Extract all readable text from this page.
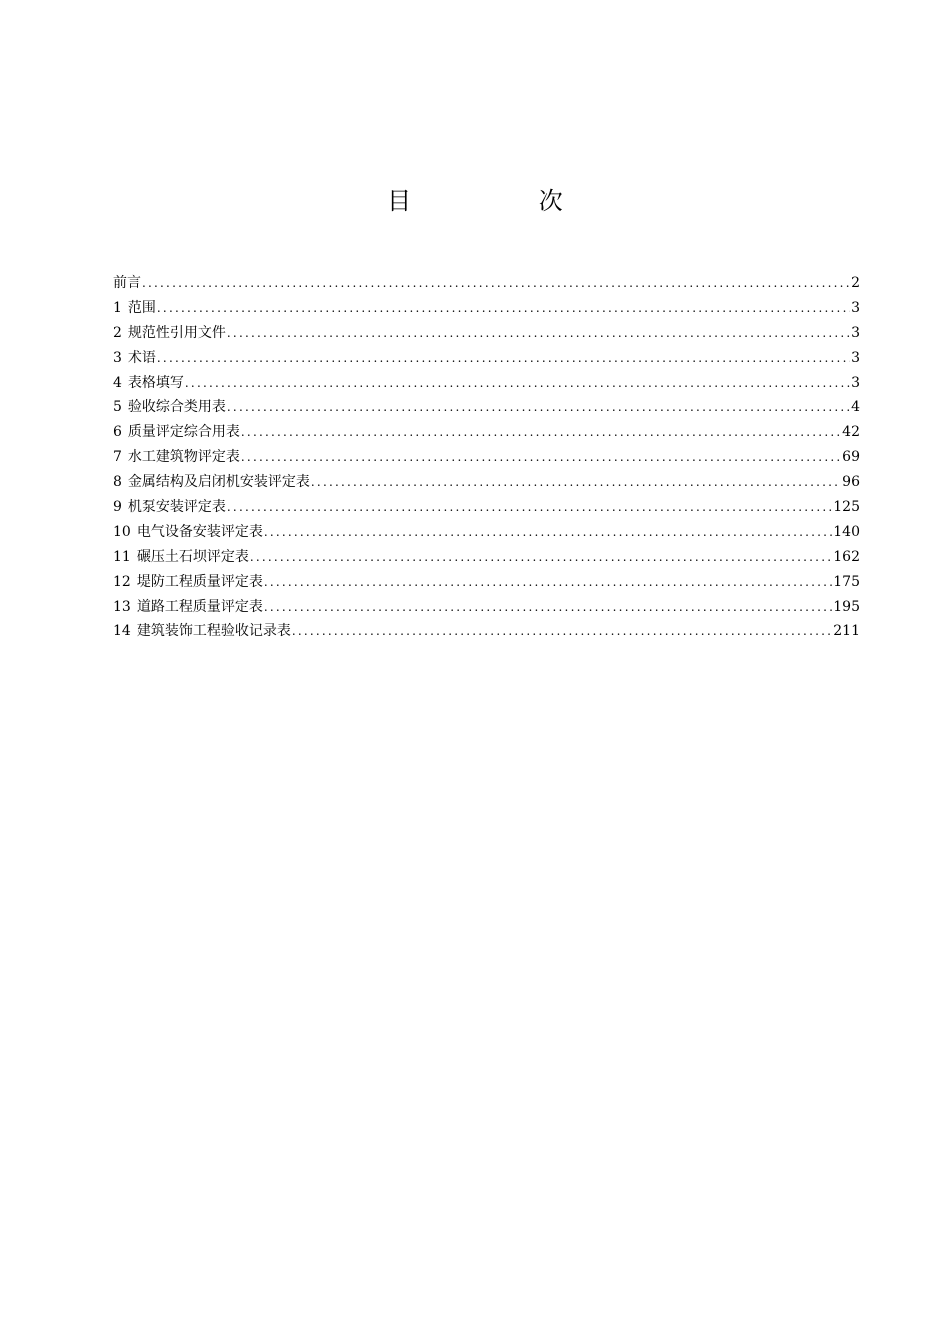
目 次
前言 .....	2
1 范围 .....	3
2 规范性引用文件 .....	3
3 术语 .....	3
4 表格填写 .....	3
5 验收综合类用表 .....	4
6 质量评定综合用表 .....	42
7 水工建筑物评定表 .....	69
8 金属结构及启闭机安装评定表 .....	96
9 机泵安装评定表 .....	125
10 电气设备安装评定表 .....	140
11 碾压土石坝评定表 .....	162
12 堤防工程质量评定表 .....	175
13 道路工程质量评定表 .....	195
14 建筑装饰工程验收记录表 .....	211
